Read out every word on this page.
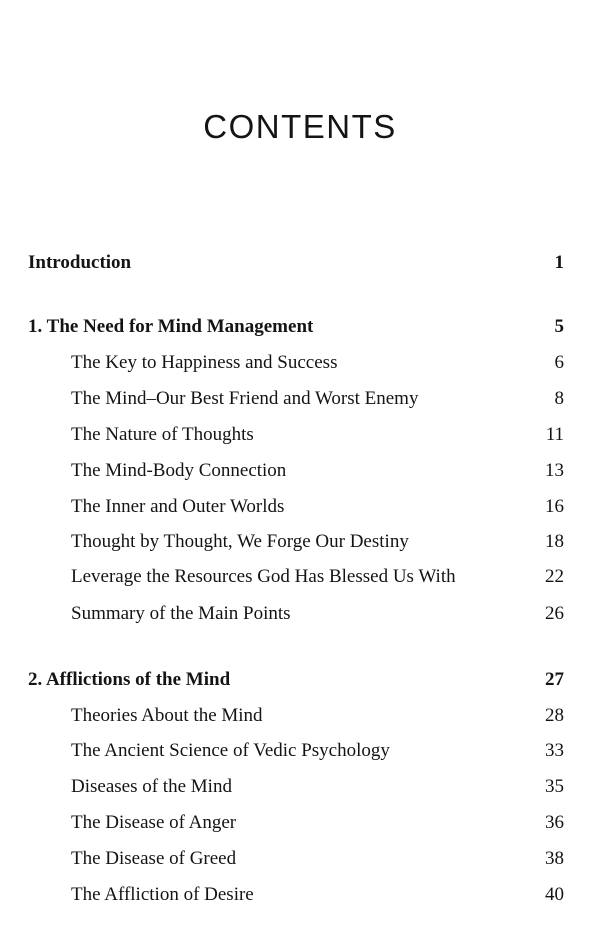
CONTENTS
Introduction	1
1. The Need for Mind Management	5
The Key to Happiness and Success	6
The Mind–Our Best Friend and Worst Enemy	8
The Nature of Thoughts	11
The Mind-Body Connection	13
The Inner and Outer Worlds	16
Thought by Thought, We Forge Our Destiny	18
Leverage the Resources God Has Blessed Us With	22
Summary of the Main Points	26
2. Afflictions of the Mind	27
Theories About the Mind	28
The Ancient Science of Vedic Psychology	33
Diseases of the Mind	35
The Disease of Anger	36
The Disease of Greed	38
The Affliction of Desire	40
